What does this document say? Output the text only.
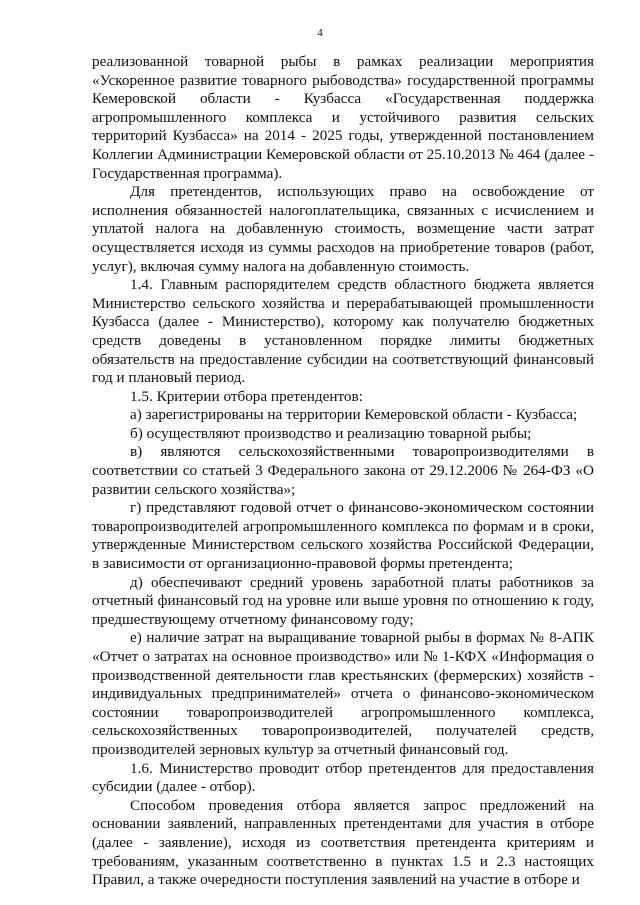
4

реализованной товарной рыбы в рамках реализации мероприятия «Ускоренное развитие товарного рыбоводства» государственной программы Кемеровской области - Кузбасса «Государственная поддержка агропромышленного комплекса и устойчивого развития сельских территорий Кузбасса» на 2014 - 2025 годы, утвержденной постановлением Коллегии Администрации Кемеровской области от 25.10.2013 № 464 (далее - Государственная программа).

Для претендентов, использующих право на освобождение от исполнения обязанностей налогоплательщика, связанных с исчислением и уплатой налога на добавленную стоимость, возмещение части затрат осуществляется исходя из суммы расходов на приобретение товаров (работ, услуг), включая сумму налога на добавленную стоимость.

1.4. Главным распорядителем средств областного бюджета является Министерство сельского хозяйства и перерабатывающей промышленности Кузбасса (далее - Министерство), которому как получателю бюджетных средств доведены в установленном порядке лимиты бюджетных обязательств на предоставление субсидии на соответствующий финансовый год и плановый период.

1.5. Критерии отбора претендентов:

а) зарегистрированы на территории Кемеровской области - Кузбасса;

б) осуществляют производство и реализацию товарной рыбы;

в) являются сельскохозяйственными товаропроизводителями в соответствии со статьей 3 Федерального закона от 29.12.2006 № 264-ФЗ «О развитии сельского хозяйства»;

г) представляют годовой отчет о финансово-экономическом состоянии товаропроизводителей агропромышленного комплекса по формам и в сроки, утвержденные Министерством сельского хозяйства Российской Федерации, в зависимости от организационно-правовой формы претендента;

д) обеспечивают средний уровень заработной платы работников за отчетный финансовый год на уровне или выше уровня по отношению к году, предшествующему отчетному финансовому году;

е) наличие затрат на выращивание товарной рыбы в формах № 8-АПК «Отчет о затратах на основное производство» или № 1-КФХ «Информация о производственной деятельности глав крестьянских (фермерских) хозяйств - индивидуальных предпринимателей» отчета о финансово-экономическом состоянии товаропроизводителей агропромышленного комплекса, сельскохозяйственных товаропроизводителей, получателей средств, производителей зерновых культур за отчетный финансовый год.

1.6. Министерство проводит отбор претендентов для предоставления субсидии (далее - отбор).

Способом проведения отбора является запрос предложений на основании заявлений, направленных претендентами для участия в отборе (далее - заявление), исходя из соответствия претендента критериям и требованиям, указанным соответственно в пунктах 1.5 и 2.3 настоящих Правил, а также очередности поступления заявлений на участие в отборе и
